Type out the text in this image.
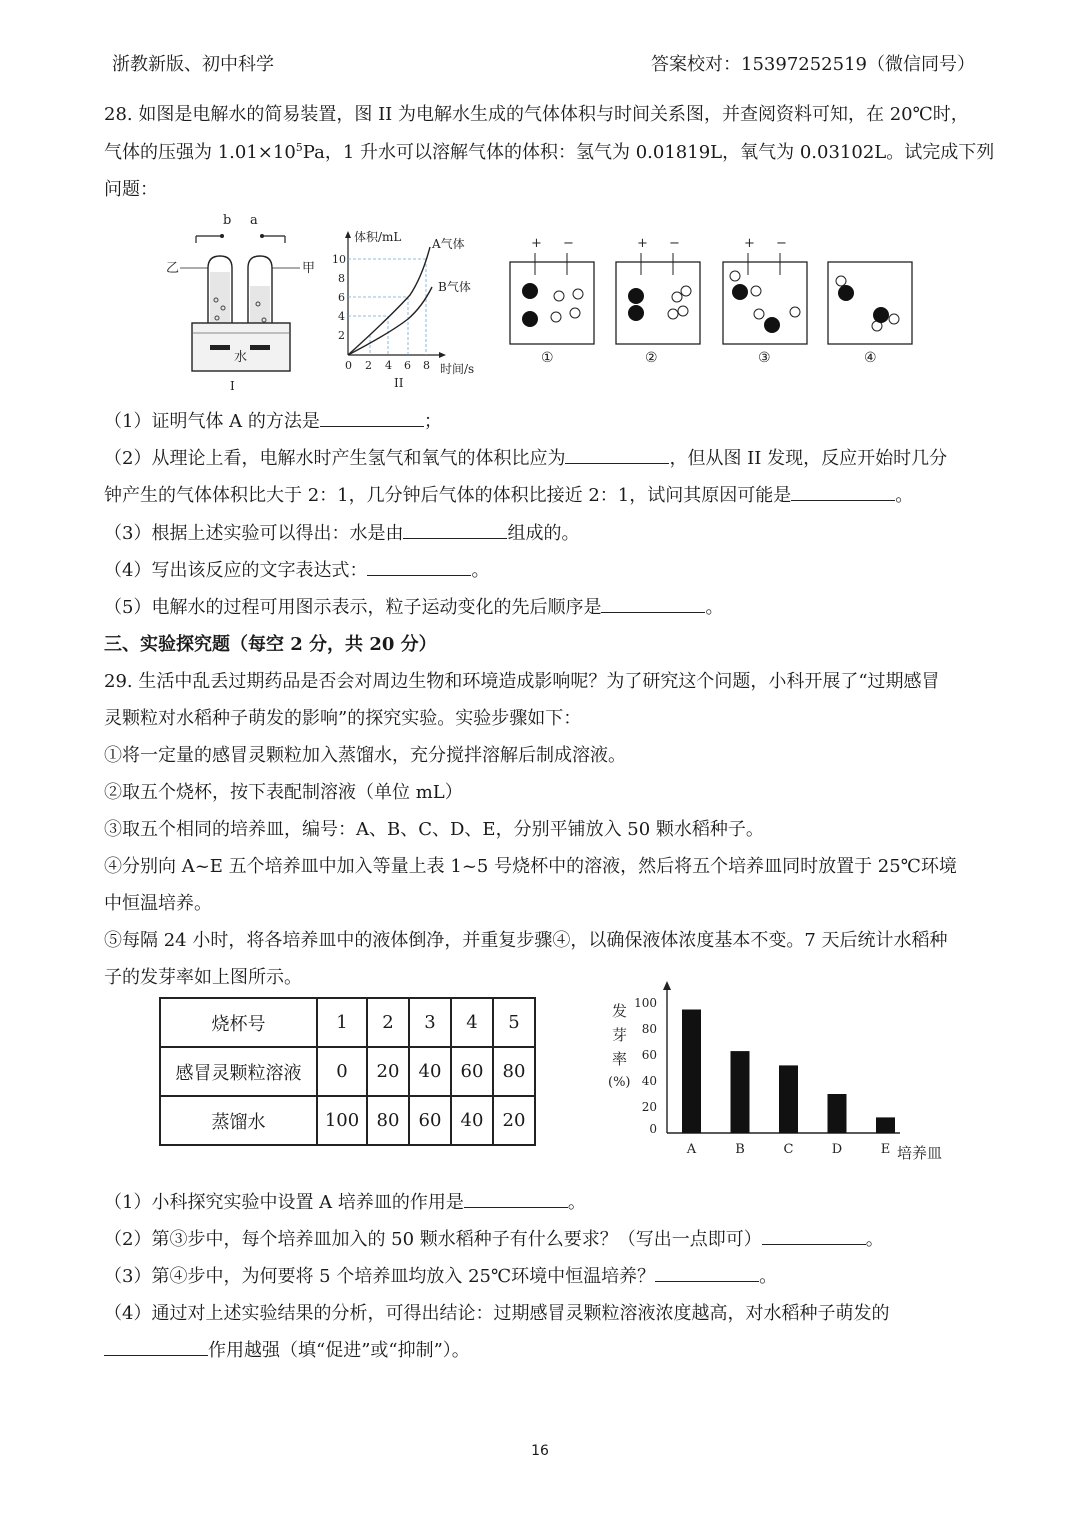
浙教新版、初中科学	答案校对：15397252519（微信同号）
28. 如图是电解水的简易装置，图 II 为电解水生成的气体体积与时间关系图，并查阅资料可知，在 20℃时，
气体的压强为 $1.01\times 10^5Pa$，1 升水可以溶解气体的体积：氢气为 0.01819L，氧气为 0.03102L。试完成下列
问题：
b a
乙	甲
水
I
体积/mL
时间/s
10
8
6
4
2
0 2 4 6 8
A气体
B气体
II
+ −
①
+ −
②
+ −
③	④
（1）证明气体 A 的方法是	；
（2）从理论上看，电解水时产生氢气和氧气的体积比应为	，但从图 II 发现，反应开始时几分
钟产生的气体体积比大于 2：1，几分钟后气体的体积比接近 2：1，试问其原因可能是	。
（3）根据上述实验可以得出：水是由	组成的。
（4）写出该反应的文字表达式：	。
（5）电解水的过程可用图示表示，粒子运动变化的先后顺序是	。
三、实验探究题（每空 2 分，共 20 分）
29. 生活中乱丢过期药品是否会对周边生物和环境造成影响呢？为了研究这个问题，小科开展了“过期感冒
灵颗粒对水稻种子萌发的影响”的探究实验。实验步骤如下：
①将一定量的感冒灵颗粒加入蒸馏水，充分搅拌溶解后制成溶液。
②取五个烧杯，按下表配制溶液（单位 mL）
③取五个相同的培养皿，编号：A、B、C、D、E，分别平铺放入 50 颗水稻种子。
④分别向 A~E 五个培养皿中加入等量上表 1~5 号烧杯中的溶液，然后将五个培养皿同时放置于 25℃环境
中恒温培养。
⑤每隔 24 小时，将各培养皿中的液体倒净，并重复步骤④，以确保液体浓度基本不变。7 天后统计水稻种
子的发芽率如上图所示。
烧杯号	1	2	3	4	5
感冒灵颗粒溶液	0	20	40	60	80
蒸馏水	100	80	60	40	20
发
芽
率
(%)
培养皿
100
80
60
40
20
0
A	B	C	D	E
（1）小科探究实验中设置 A 培养皿的作用是	。
（2）第③步中，每个培养皿加入的 50 颗水稻种子有什么要求？（写出一点即可）	。
（3）第④步中，为何要将 5 个培养皿均放入 25℃环境中恒温培养？	。
（4）通过对上述实验结果的分析，可得出结论：过期感冒灵颗粒溶液浓度越高，对水稻种子萌发的
作用越强（填“促进”或“抑制”）。
16
